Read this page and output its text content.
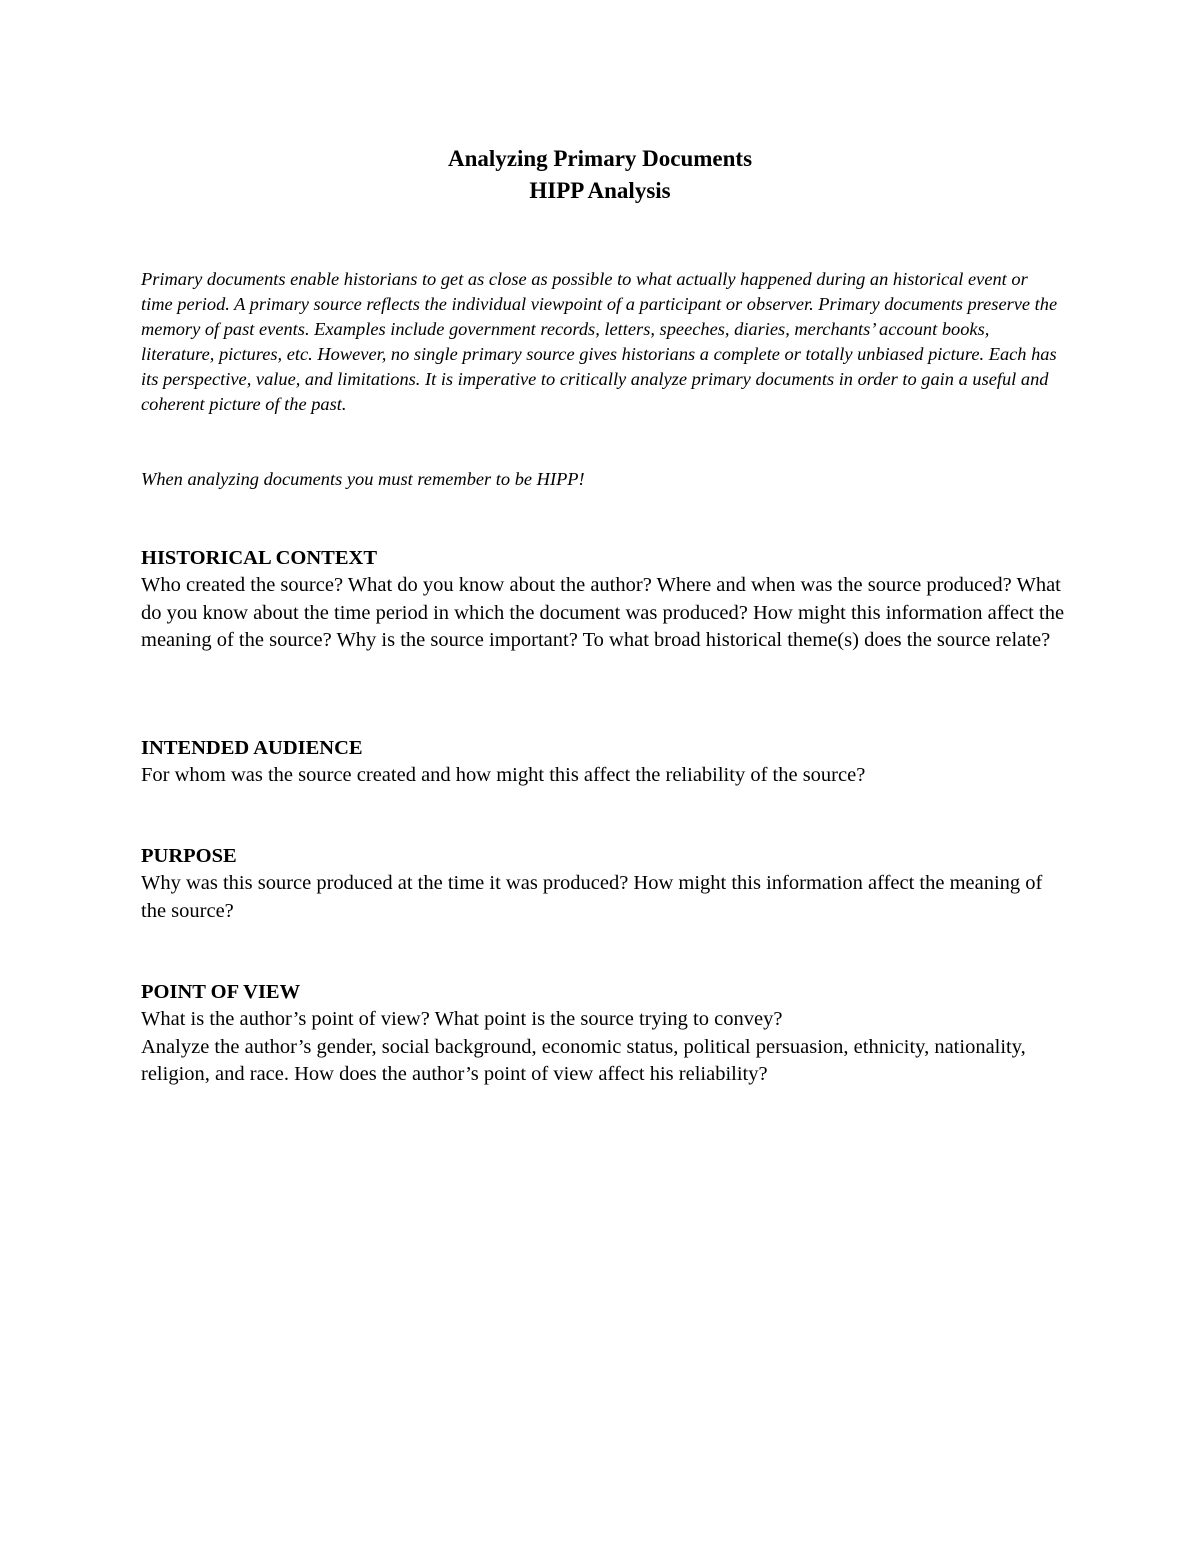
Analyzing Primary Documents
HIPP Analysis

Primary documents enable historians to get as close as possible to what actually happened during an historical event or time period. A primary source reflects the individual viewpoint of a participant or observer. Primary documents preserve the memory of past events. Examples include government records, letters, speeches, diaries, merchants’ account books, literature, pictures, etc. However, no single primary source gives historians a complete or totally unbiased picture. Each has its perspective, value, and limitations. It is imperative to critically analyze primary documents in order to gain a useful and coherent picture of the past.

When analyzing documents you must remember to be HIPP!

HISTORICAL CONTEXT

Who created the source? What do you know about the author? Where and when was the source produced? What do you know about the time period in which the document was produced? How might this information affect the meaning of the source? Why is the source important? To what broad historical theme(s) does the source relate?

INTENDED AUDIENCE

For whom was the source created and how might this affect the reliability of the source?

PURPOSE

Why was this source produced at the time it was produced? How might this information affect the meaning of the source?

POINT OF VIEW

What is the author’s point of view? What point is the source trying to convey?

Analyze the author’s gender, social background, economic status, political persuasion, ethnicity, nationality, religion, and race. How does the author’s point of view affect his reliability?
